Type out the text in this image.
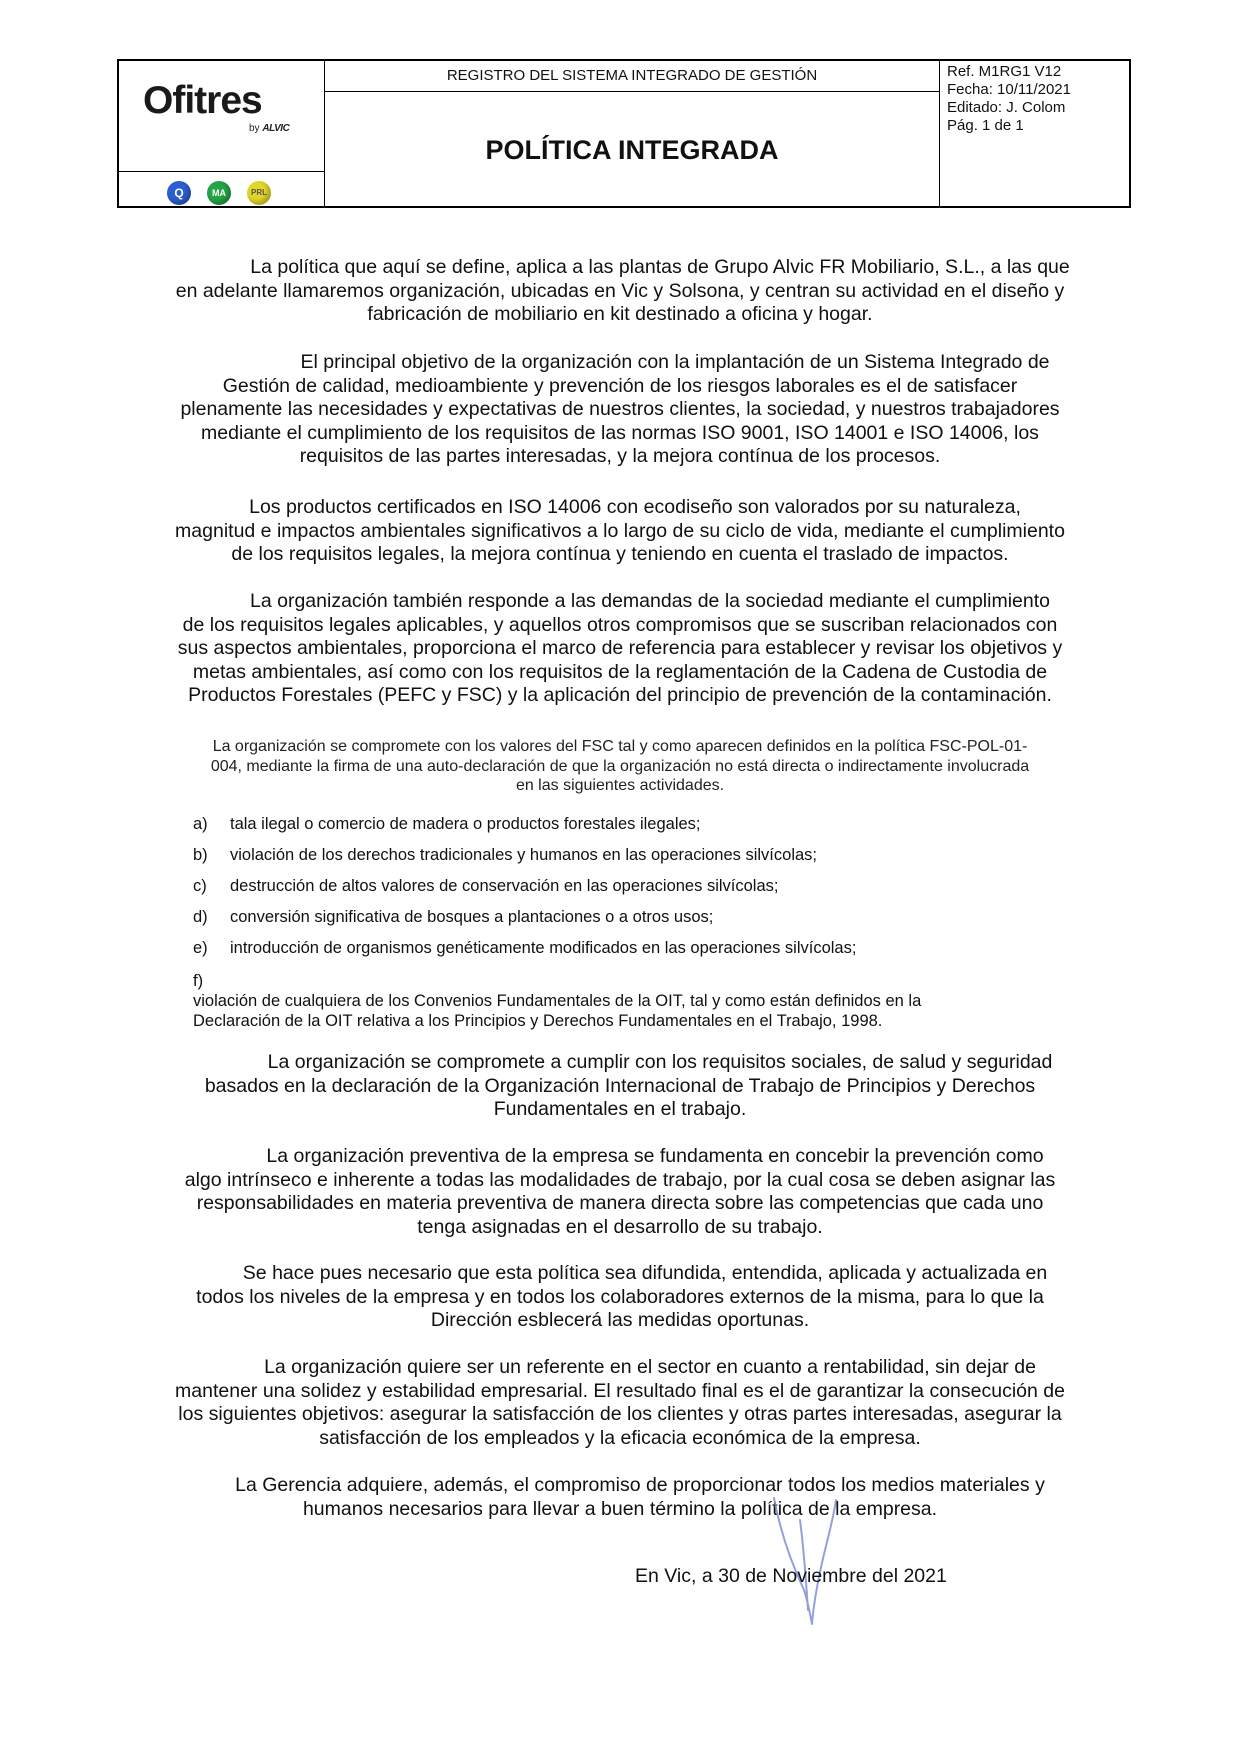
Ofitres
by ALVIC
Q	MA	PRL
REGISTRO DEL SISTEMA INTEGRADO DE GESTIÓN
POLÍTICA INTEGRADA
Ref. M1RG1 V12
Fecha: 10/11/2021
Editado: J. Colom
Pág. 1 de 1
La política que aquí se define, aplica a las plantas de Grupo Alvic FR Mobiliario, S.L., a las que
en adelante llamaremos organización, ubicadas en Vic y Solsona, y centran su actividad en el diseño y
fabricación de mobiliario en kit destinado a oficina y hogar.
El principal objetivo de la organización con la implantación de un Sistema Integrado de
Gestión de calidad, medioambiente y prevención de los riesgos laborales es el de satisfacer
plenamente las necesidades y expectativas de nuestros clientes, la sociedad, y nuestros trabajadores
mediante el cumplimiento de los requisitos de las normas ISO 9001, ISO 14001 e ISO 14006, los
requisitos de las partes interesadas, y la mejora contínua de los procesos.
Los productos certificados en ISO 14006 con ecodiseño son valorados por su naturaleza,
magnitud e impactos ambientales significativos a lo largo de su ciclo de vida, mediante el cumplimiento
de los requisitos legales, la mejora contínua y teniendo en cuenta el traslado de impactos.
La organización también responde a las demandas de la sociedad mediante el cumplimiento
de los requisitos legales aplicables, y aquellos otros compromisos que se suscriban relacionados con
sus aspectos ambientales, proporciona el marco de referencia para establecer y revisar los objetivos y
metas ambientales, así como con los requisitos de la reglamentación de la Cadena de Custodia de
Productos Forestales (PEFC y FSC) y la aplicación del principio de prevención de la contaminación.
La organización se compromete con los valores del FSC tal y como aparecen definidos en la política FSC-POL-01-
004, mediante la firma de una auto-declaración de que la organización no está directa o indirectamente involucrada
en las siguientes actividades.
a) tala ilegal o comercio de madera o productos forestales ilegales;
b) violación de los derechos tradicionales y humanos en las operaciones silvícolas;
c) destrucción de altos valores de conservación en las operaciones silvícolas;
d) conversión significativa de bosques a plantaciones o a otros usos;
e) introducción de organismos genéticamente modificados en las operaciones silvícolas;
f)
violación de cualquiera de los Convenios Fundamentales de la OIT, tal y como están definidos en la
Declaración de la OIT relativa a los Principios y Derechos Fundamentales en el Trabajo, 1998.
La organización se compromete a cumplir con los requisitos sociales, de salud y seguridad
basados en la declaración de la Organización Internacional de Trabajo de Principios y Derechos
Fundamentales en el trabajo.
La organización preventiva de la empresa se fundamenta en concebir la prevención como
algo intrínseco e inherente a todas las modalidades de trabajo, por la cual cosa se deben asignar las
responsabilidades en materia preventiva de manera directa sobre las competencias que cada uno
tenga asignadas en el desarrollo de su trabajo.
Se hace pues necesario que esta política sea difundida, entendida, aplicada y actualizada en
todos los niveles de la empresa y en todos los colaboradores externos de la misma, para lo que la
Dirección esblecerá las medidas oportunas.
La organización quiere ser un referente en el sector en cuanto a rentabilidad, sin dejar de
mantener una solidez y estabilidad empresarial. El resultado final es el de garantizar la consecución de
los siguientes objetivos: asegurar la satisfacción de los clientes y otras partes interesadas, asegurar la
satisfacción de los empleados y la eficacia económica de la empresa.
La Gerencia adquiere, además, el compromiso de proporcionar todos los medios materiales y
humanos necesarios para llevar a buen término la política de la empresa.
En Vic, a 30 de Noviembre del 2021
